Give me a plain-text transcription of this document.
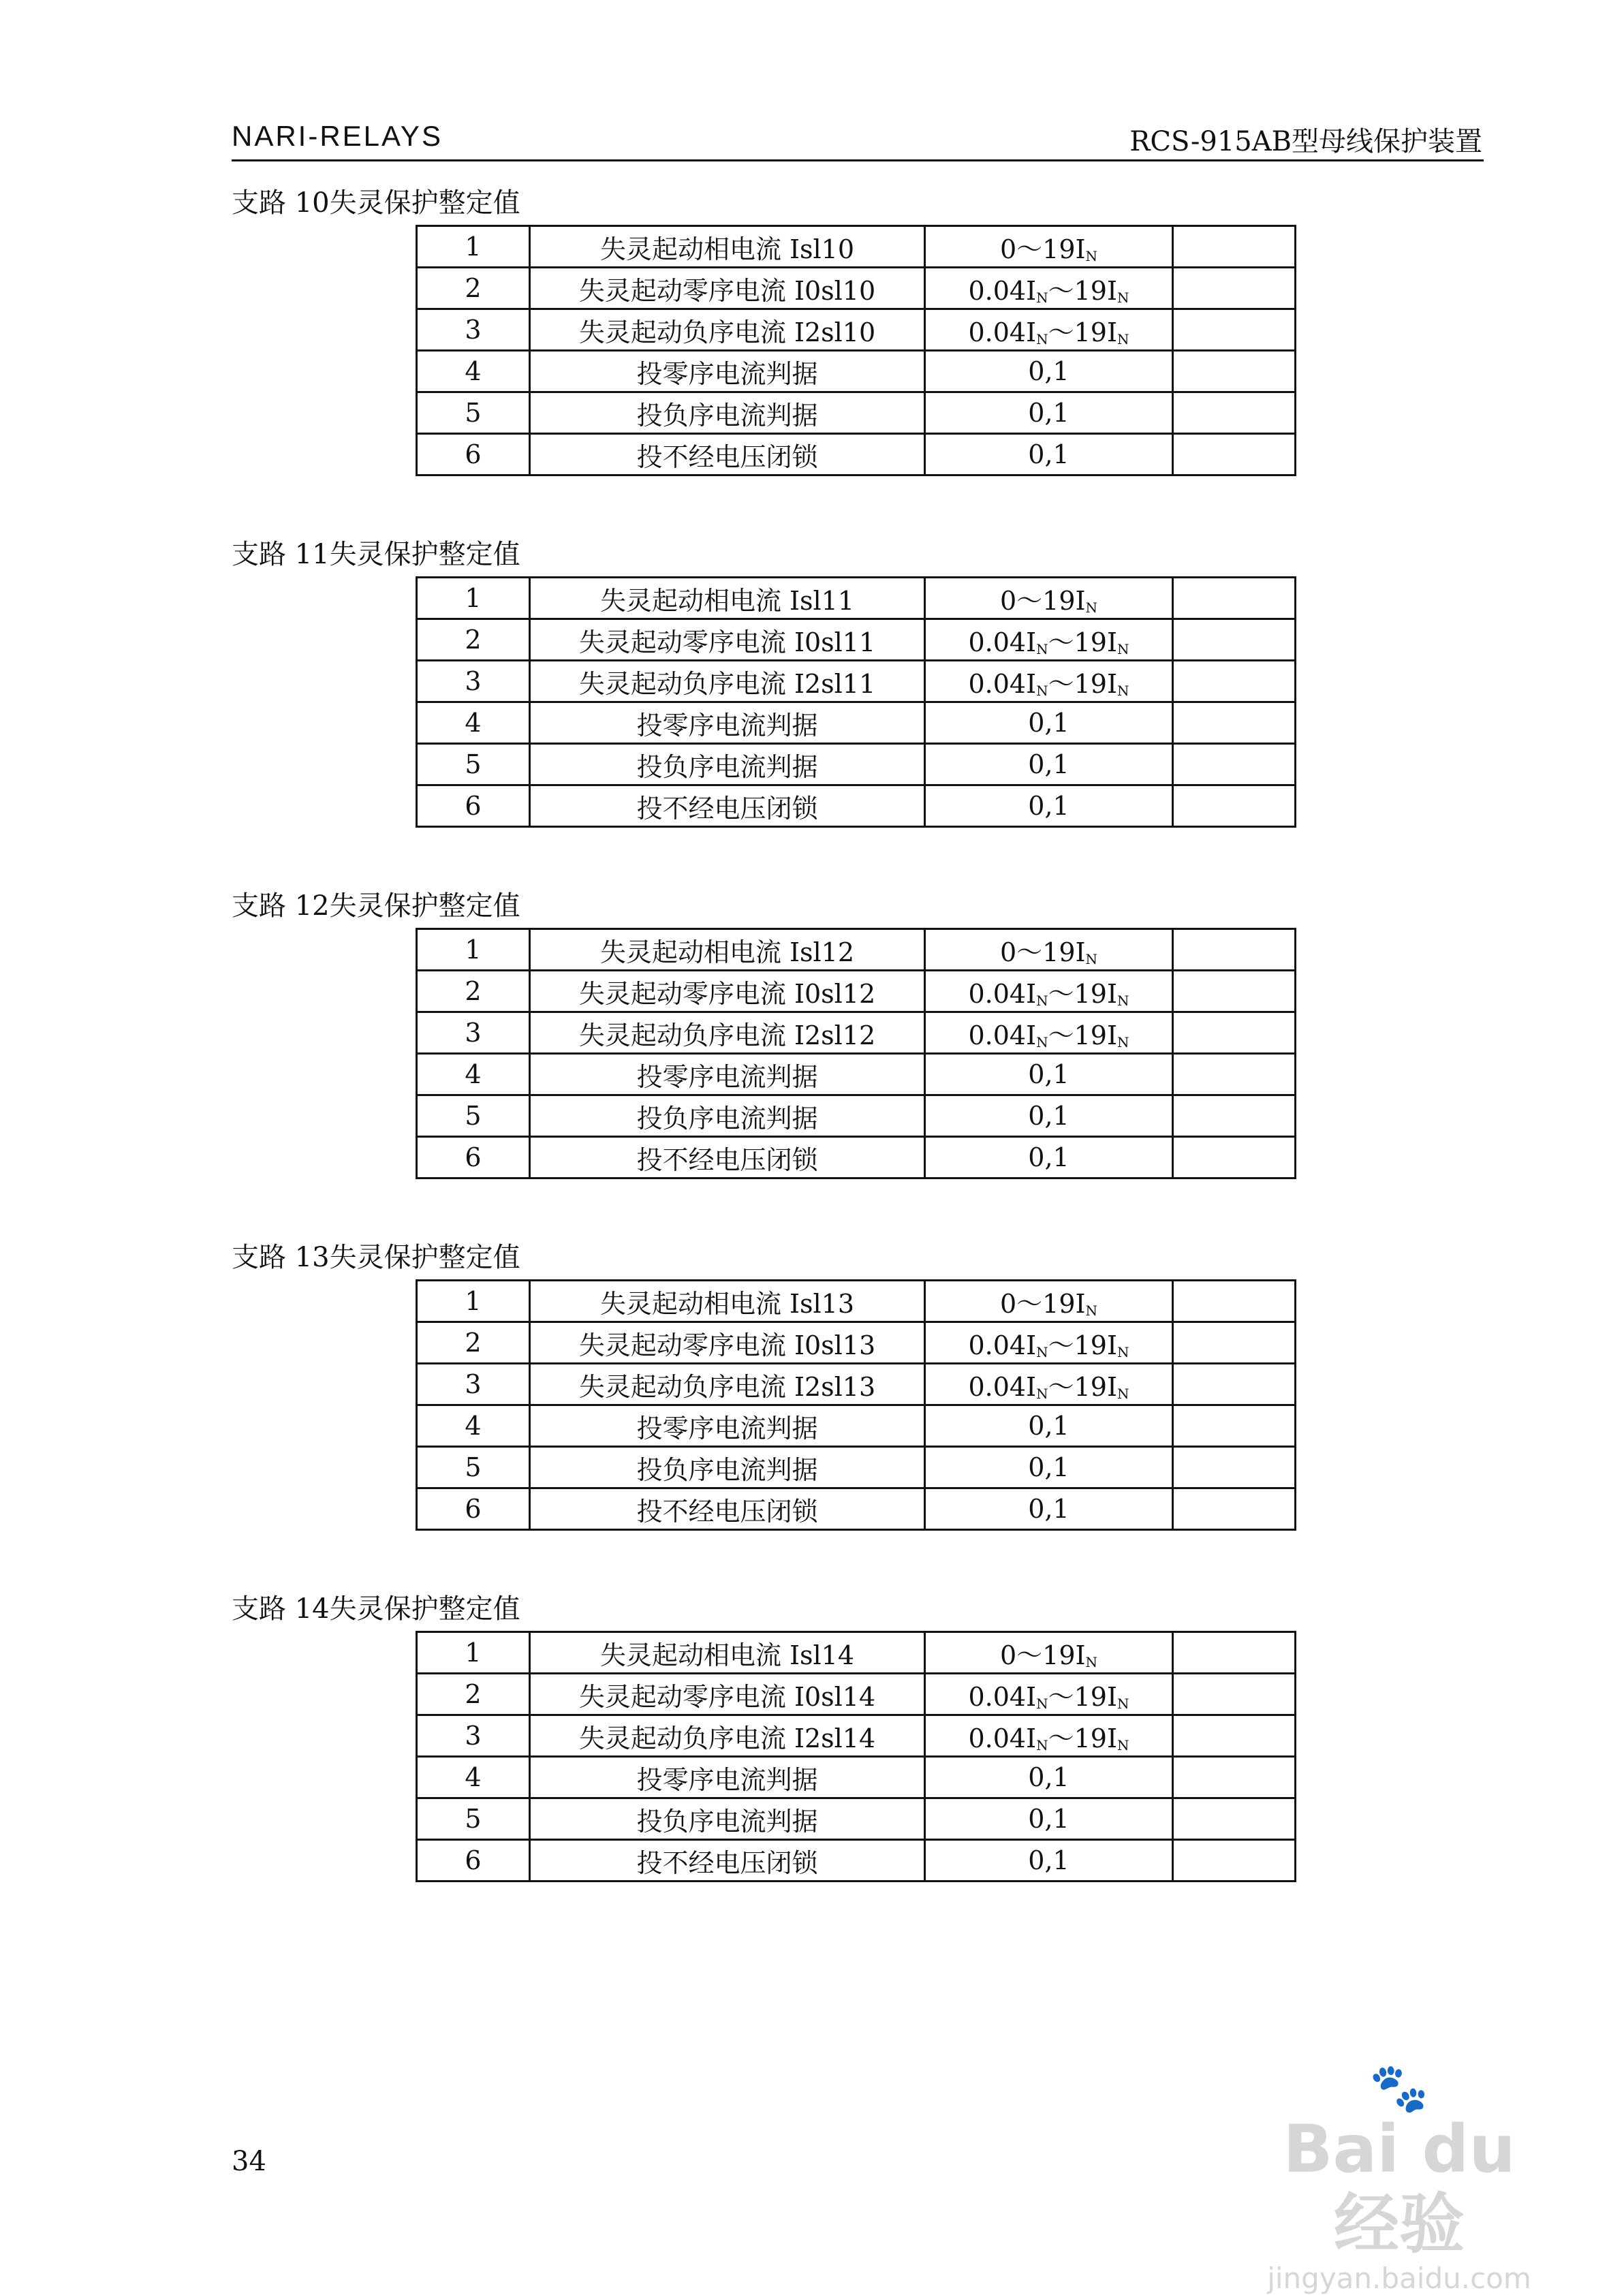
NARI-RELAYS	RCS-915AB型母线保护装置
支路 10失灵保护整定值
1	失灵起动相电流 Isl10	$0\sim 19I_N$	
2	失灵起动零序电流 I0sl10	$0.04I_N\sim 19I_N$	
3	失灵起动负序电流 I2sl10	$0.04I_N\sim 19I_N$	
4	投零序电流判据	0,1	
5	投负序电流判据	0,1	
6	投不经电压闭锁	0,1	
支路 11失灵保护整定值
1	失灵起动相电流 Isl11	$0\sim 19I_N$	
2	失灵起动零序电流 I0sl11	$0.04I_N\sim 19I_N$	
3	失灵起动负序电流 I2sl11	$0.04I_N\sim 19I_N$	
4	投零序电流判据	0,1	
5	投负序电流判据	0,1	
6	投不经电压闭锁	0,1	
支路 12失灵保护整定值
1	失灵起动相电流 Isl12	$0\sim 19I_N$	
2	失灵起动零序电流 I0sl12	$0.04I_N\sim 19I_N$	
3	失灵起动负序电流 I2sl12	$0.04I_N\sim 19I_N$	
4	投零序电流判据	0,1	
5	投负序电流判据	0,1	
6	投不经电压闭锁	0,1	
支路 13失灵保护整定值
1	失灵起动相电流 Isl13	$0\sim 19I_N$	
2	失灵起动零序电流 I0sl13	$0.04I_N\sim 19I_N$	
3	失灵起动负序电流 I2sl13	$0.04I_N\sim 19I_N$	
4	投零序电流判据	0,1	
5	投负序电流判据	0,1	
6	投不经电压闭锁	0,1	
支路 14失灵保护整定值
1	失灵起动相电流 Isl14	$0\sim 19I_N$	
2	失灵起动零序电流 I0sl14	$0.04I_N\sim 19I_N$	
3	失灵起动负序电流 I2sl14	$0.04I_N\sim 19I_N$	
4	投零序电流判据	0,1	
5	投负序电流判据	0,1	
6	投不经电压闭锁	0,1	
34
🐾
Bai du 经验
jingyan.baidu.com
